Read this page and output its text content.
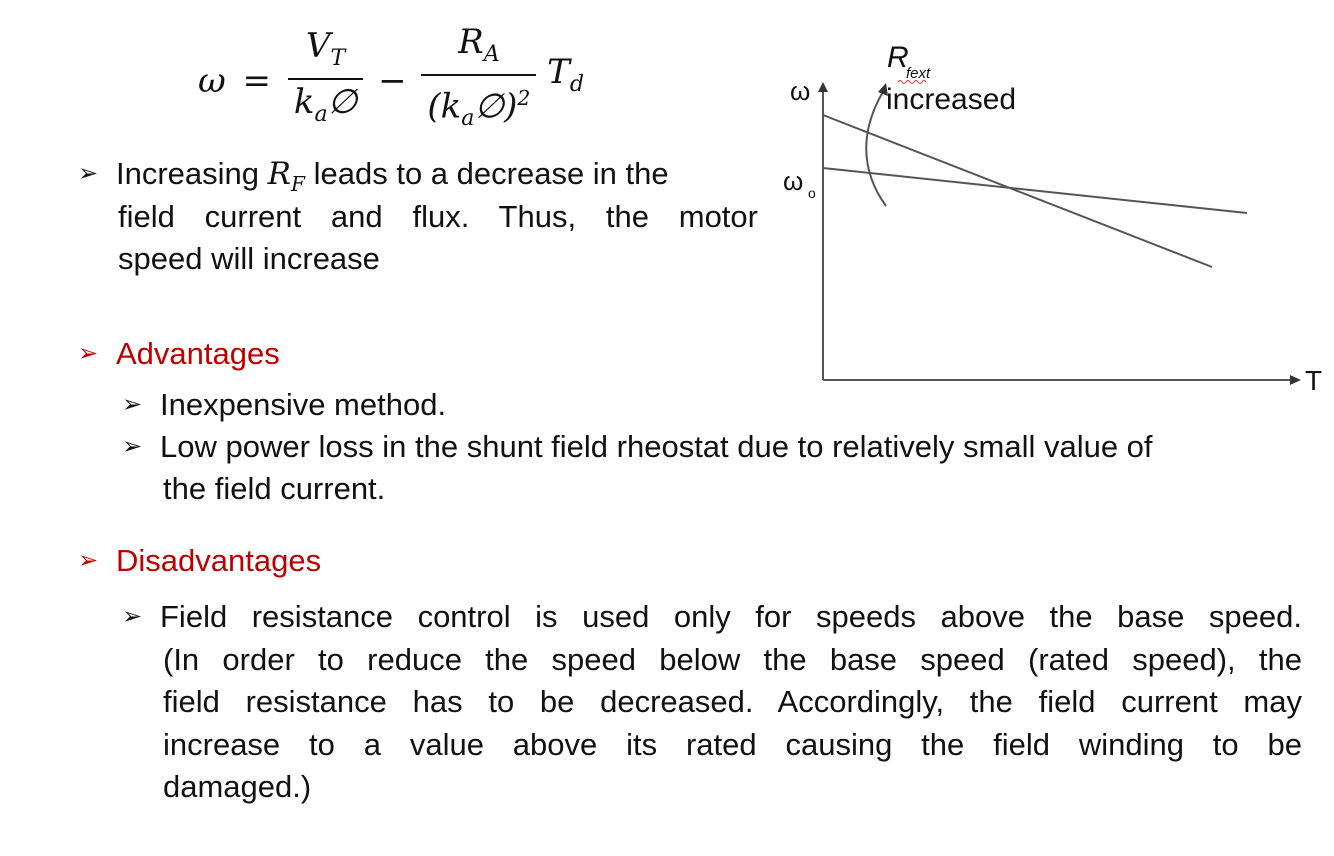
$\omega = \frac{V_T}{k_a\emptyset} - \frac{R_A}{(k_a\emptyset)^2} T_d$
➢ Increasing $R_F$ leads to a decrease in the
field current and flux. Thus, the motor
speed will increase
➢ Advantages
➢ Inexpensive method.
➢ Low power loss in the shunt field rheostat due to relatively small value of
the field current.
➢ Disadvantages
➢ Field resistance control is used only for speeds above the base speed.
(In order to reduce the speed below the base speed (rated speed), the
field resistance has to be decreased. Accordingly, the field current may
increase to a value above its rated causing the field winding to be
damaged.)
ω
ω o
T
R
fext
increased
